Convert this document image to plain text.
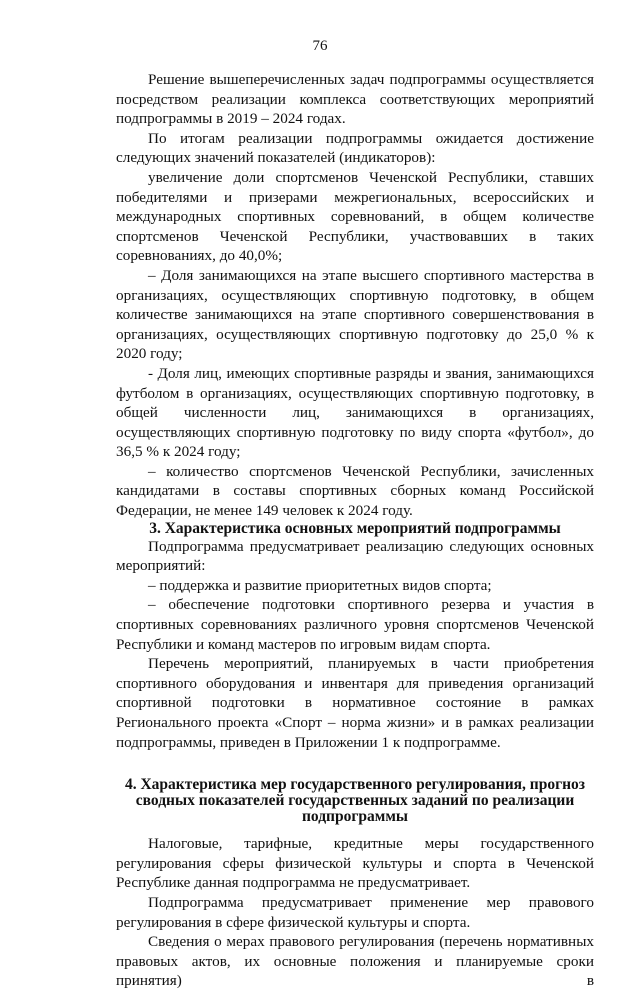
76

Решение вышеперечисленных задач подпрограммы осуществляется посредством реализации комплекса соответствующих мероприятий подпрограммы в 2019 – 2024 годах.

По итогам реализации подпрограммы ожидается достижение следующих значений показателей (индикаторов):

увеличение доли спортсменов Чеченской Республики, ставших победителями и призерами межрегиональных, всероссийских и международных спортивных соревнований, в общем количестве спортсменов Чеченской Республики, участвовавших в таких соревнованиях, до 40,0%;

– Доля занимающихся на этапе высшего спортивного мастерства в организациях, осуществляющих спортивную подготовку, в общем количестве занимающихся на этапе спортивного совершенствования в организациях, осуществляющих спортивную подготовку до 25,0 % к 2020 году;

- Доля лиц, имеющих спортивные разряды и звания, занимающихся футболом в организациях, осуществляющих спортивную подготовку, в общей численности лиц, занимающихся в организациях, осуществляющих спортивную подготовку по виду спорта «футбол», до 36,5 % к 2024 году;

– количество спортсменов Чеченской Республики, зачисленных кандидатами в составы спортивных сборных команд Российской Федерации, не менее 149 человек к 2024 году.

3. Характеристика основных мероприятий подпрограммы

Подпрограмма предусматривает реализацию следующих основных мероприятий:

– поддержка и развитие приоритетных видов спорта;

– обеспечение подготовки спортивного резерва и участия в спортивных соревнованиях различного уровня спортсменов Чеченской Республики и команд мастеров по игровым видам спорта.

Перечень мероприятий, планируемых в части приобретения спортивного оборудования и инвентаря для приведения организаций спортивной подготовки в нормативное состояние в рамках Регионального проекта «Спорт – норма жизни» и в рамках реализации подпрограммы, приведен в Приложении 1 к подпрограмме.

4. Характеристика мер государственного регулирования, прогноз
сводных показателей государственных заданий по реализации
подпрограммы

Налоговые, тарифные, кредитные меры государственного регулирования сферы физической культуры и спорта в Чеченской Республике данная подпрограмма не предусматривает.

Подпрограмма предусматривает применение мер правового регулирования в сфере физической культуры и спорта.

Сведения о мерах правового регулирования (перечень нормативных правовых актов, их основные положения и планируемые сроки принятия) в
